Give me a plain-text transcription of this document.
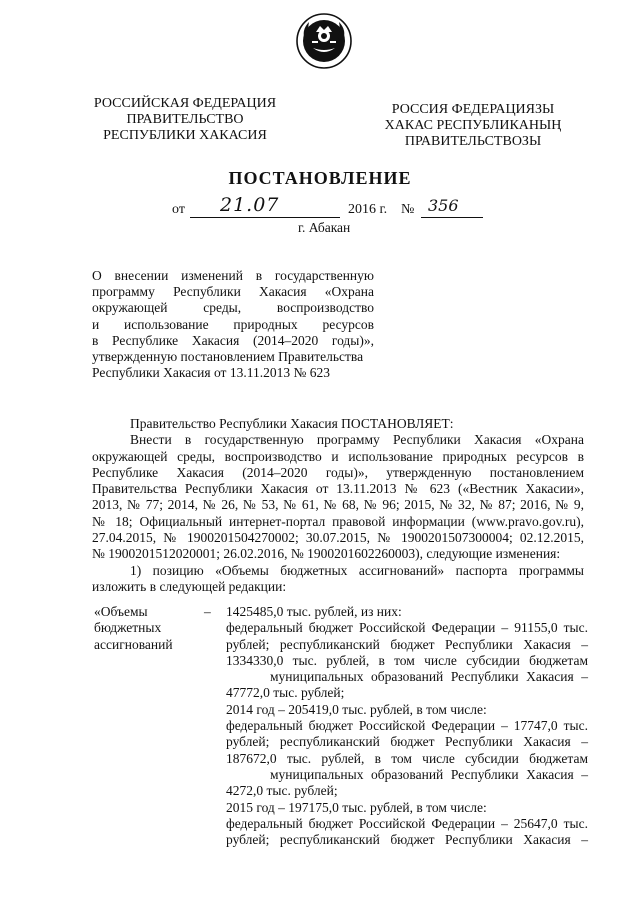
РОССИЙСКАЯ ФЕДЕРАЦИЯ
ПРАВИТЕЛЬСТВО
РЕСПУБЛИКИ ХАКАСИЯ
РОССИЯ ФЕДЕРАЦИЯЗЫ
ХАКАС РЕСПУБЛИКАНЫҢ
ПРАВИТЕЛЬСТВОЗЫ
ПОСТАНОВЛЕНИЕ
от 21.07	2016 г. № 356
г. Абакан
О внесении изменений в государственную
программу Республики Хакасия «Охрана
окружающей среды, воспроизводство
и использование природных ресурсов
в Республике Хакасия (2014–2020 годы)»,
утвержденную постановлением Правительства
Республики Хакасия от 13.11.2013 № 623

Правительство Республики Хакасия ПОСТАНОВЛЯЕТ:

Внести в государственную программу Республики Хакасия «Охрана
окружающей среды, воспроизводство и использование природных ресурсов в
Республике Хакасия (2014–2020 годы)», утвержденную постановлением
Правительства Республики Хакасия от 13.11.2013 № 623 («Вестник Хакасии»,
2013, № 77; 2014, № 26, № 53, № 61, № 68, № 96; 2015, № 32, № 87; 2016, № 9,
№ 18; Официальный интернет-портал правовой информации (www.pravo.gov.ru),
27.04.2015, № 1900201504270002; 30.07.2015, № 1900201507300004; 02.12.2015,
№ 1900201512020001; 26.02.2016, № 1900201602260003), следующие изменения:
1) позицию «Объемы бюджетных ассигнований» паспорта программы
изложить в следующей редакции:
«Объемы
бюджетных
ассигнований
– 1425485,0 тыс. рублей, из них:
федеральный бюджет Российской Федерации – 91155,0 тыс.
рублей; республиканский бюджет Республики Хакасия –
1334330,0 тыс. рублей, в том числе субсидии бюджетам
муниципальных образований Республики Хакасия –
47772,0 тыс. рублей;
2014 год – 205419,0 тыс. рублей, в том числе:
федеральный бюджет Российской Федерации – 17747,0 тыс.
рублей; республиканский бюджет Республики Хакасия –
187672,0 тыс. рублей, в том числе субсидии бюджетам
муниципальных образований Республики Хакасия –
4272,0 тыс. рублей;
2015 год – 197175,0 тыс. рублей, в том числе:
федеральный бюджет Российской Федерации – 25647,0 тыс.
рублей; республиканский бюджет Республики Хакасия –
